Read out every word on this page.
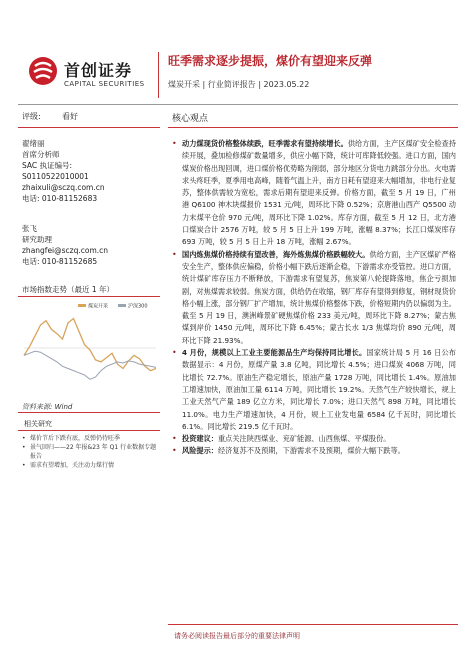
首创证券
CAPITAL SECURITIES
旺季需求逐步提振，煤价有望迎来反弹
煤炭开采 | 行业简评报告 | 2023.05.22
评级:	看好
翟绪丽
首席分析师
SAC 执证编号:
S0110522010001
zhaixuli@sczq.com.cn
电话: 010-81152683
张飞
研究助理
zhangfei@sczq.com.cn
电话: 010-81152685
市场指数走势（最近 1 年）
煤炭开采	沪深300
资料来源: Wind
相关研究
• 煤价节后下跌有底，反弹仍待旺季
• 景气回归——22 年报&23 年 Q1 行业数据专题报告
• 需求有望增加，关注动力煤行情
核心观点
• 动力煤现货价格整体续跌，旺季需求有望持续增长。供给方面，主产区煤矿安全检查持续开展，叠加检修煤矿数量增多，供应小幅下降，统计可库降低较强。进口方面，国内煤炭价格出现回调，进口煤价格优势略为削弱，部分地区分货电力跳部分分出。火电需求头疼旺季，夏季用电高峰，随着气温上升，南方日耗有望迎来大幅增加，非电行业复苏，整体供需较为宽松，需求后期有望迎来反弹。价格方面，截至 5 月 19 日，广州港 Q6100 神木块煤报价 1531 元/吨，周环比下降 0.52%；京唐港山西产 Q5500 动力末煤平仓价 970 元/吨，周环比下降 1.02%。库存方面，截至 5 月 12 日，北方港口煤炭合计 2576 万吨，较 5 月 5 日上升 199 万吨，涨幅 8.37%；长江口煤炭库存 693 万吨，较 5 月 5 日上升 18 万吨，涨幅 2.67%。
• 国内炼焦煤价格持续有望改善，海外炼焦煤价格跌幅较大。供给方面，主产区煤矿严格安全生产，整体供应偏稳，价格小幅下跌后逐渐企稳，下游需求亦受管控。进口方面，统计煤矿库存压力不断释放，下游需求有望复苏，焦炭第八轮提降落地，焦企亏损加剧，对焦煤需求较弱。焦炭方面，供给仍在收缩，钢厂库存有望得到修复，钢材现货价格小幅上涨，部分钢厂扩产增加，统计焦煤价格整体下跌，价格短期内仍以偏弱为主。截至 5 月 19 日，澳洲峰景矿硬焦煤价格 233 美元/吨，周环比下降 8.27%；蒙古焦煤到岸价 1450 元/吨，周环比下降 6.45%；蒙古长水 1/3 焦煤均价 890 元/吨，周环比下降 21.93%。
• 4 月份，规模以上工业主要能源品生产均保持同比增长。国家统计局 5 月 16 日公布数据显示：4 月份，原煤产量 3.8 亿吨，同比增长 4.5%；进口煤炭 4068 万吨，同比增长 72.7%。原油生产稳定增长，原油产量 1728 万吨，同比增长 1.4%。原油加工增速加快，原油加工量 6114 万吨，同比增长 19.2%。天然气生产较快增长，规上工业天然气产量 189 亿立方米，同比增长 7.0%；进口天然气 898 万吨，同比增长 11.0%。电力生产增速加快，4 月份，规上工业发电量 6584 亿千瓦时，同比增长 6.1%。同比增长 219.5 亿千瓦时。
• 投资建议：重点关注陕西煤业、兖矿能源、山西焦煤、平煤股份。
• 风险提示：经济复苏不及预期，下游需求不及预期，煤价大幅下跌等。
请务必阅读报告最后部分的重要法律声明
